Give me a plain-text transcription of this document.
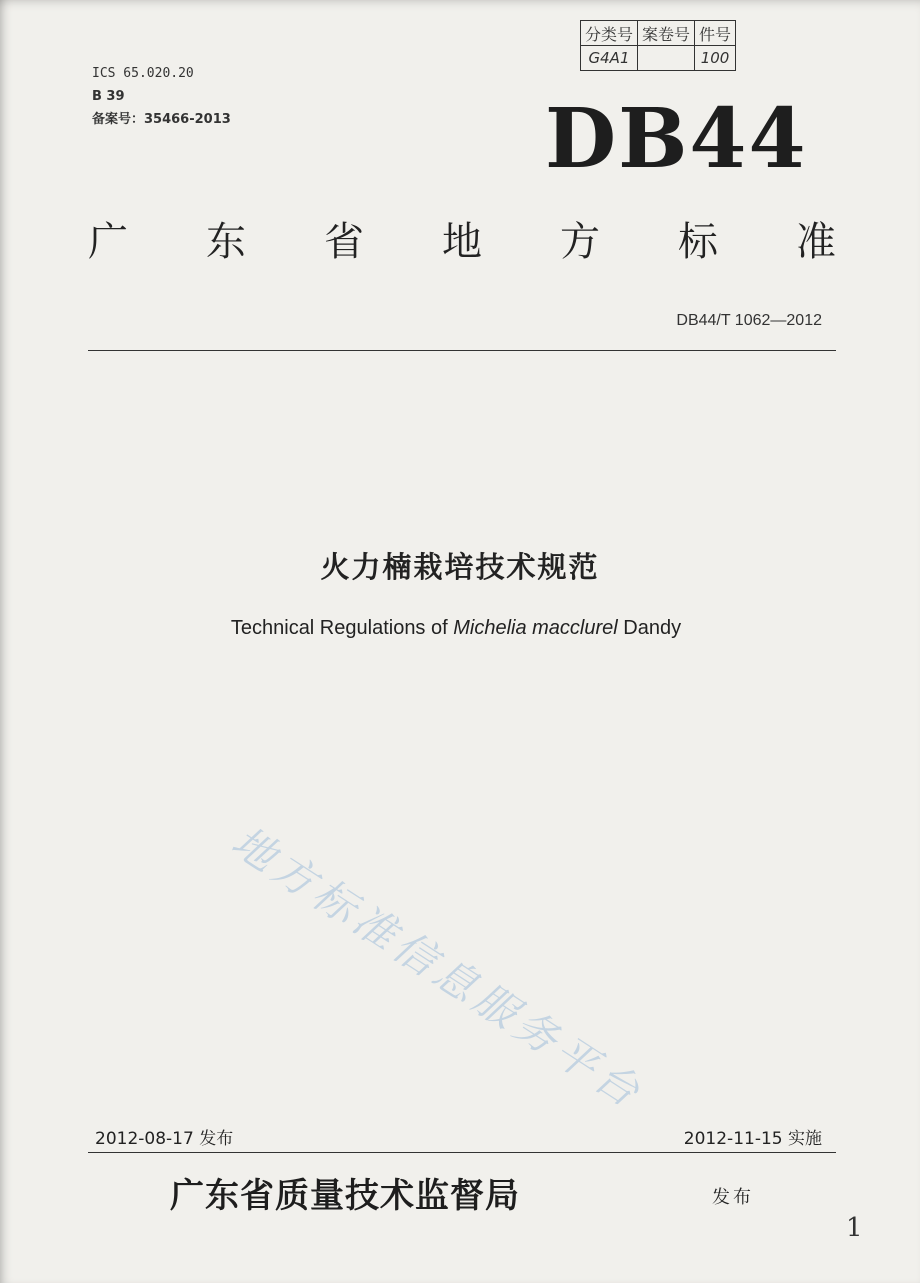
ICS 65.020.20
B 39
备案号：35466-2013
分类号	案卷号	件号
G4A1		100
DB44
广 东 省 地 方 标 准
DB44/T 1062—2012
火力楠栽培技术规范
Technical Regulations of Michelia macclurel Dandy
地方标准信息服务平台
2012-08-17 发布	2012-11-15 实施
广东省质量技术监督局	发布
1
